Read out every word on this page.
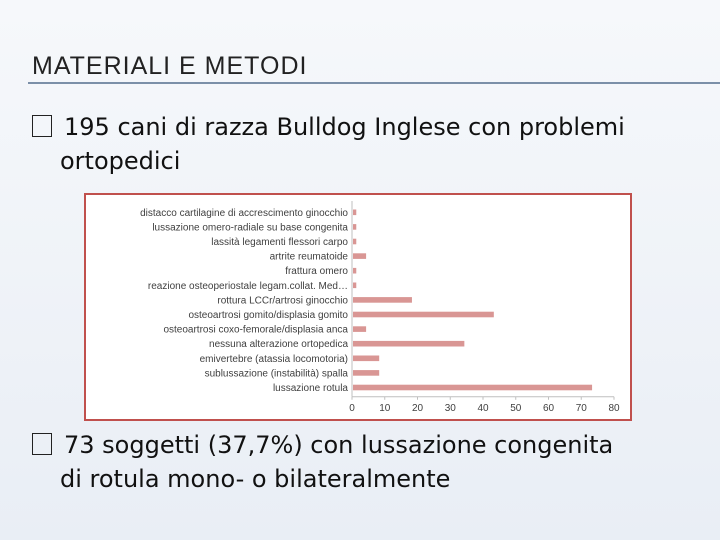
MATERIALI E METODI
195 cani di razza Bulldog Inglese con problemi
ortopedici
distacco cartilagine di accrescimento ginocchio
lussazione omero-radiale su base congenita
lassità legamenti flessori carpo
artrite reumatoide
frattura omero
reazione osteoperiostale legam.collat. Med…
rottura LCCr/artrosi ginocchio
osteoartrosi gomito/displasia gomito
osteoartrosi coxo-femorale/displasia anca
nessuna alterazione ortopedica
emivertebre (atassia locomotoria)
sublussazione (instabilità) spalla
lussazione rotula
0 10 20 30 40 50 60 70 80
73 soggetti (37,7%) con lussazione congenita
di rotula mono- o bilateralmente
